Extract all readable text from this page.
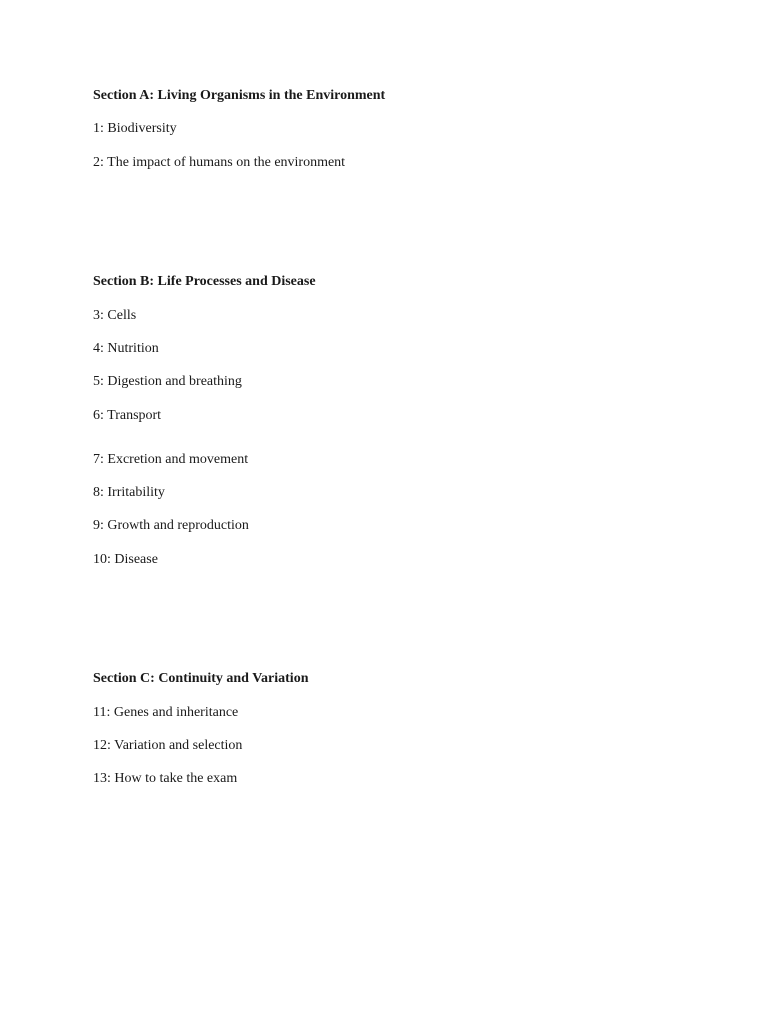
Section A: Living Organisms in the Environment
1: Biodiversity
2: The impact of humans on the environment
Section B: Life Processes and Disease
3: Cells
4: Nutrition
5: Digestion and breathing
6: Transport
7: Excretion and movement
8: Irritability
9: Growth and reproduction
10: Disease
Section C: Continuity and Variation
11: Genes and inheritance
12: Variation and selection
13: How to take the exam
